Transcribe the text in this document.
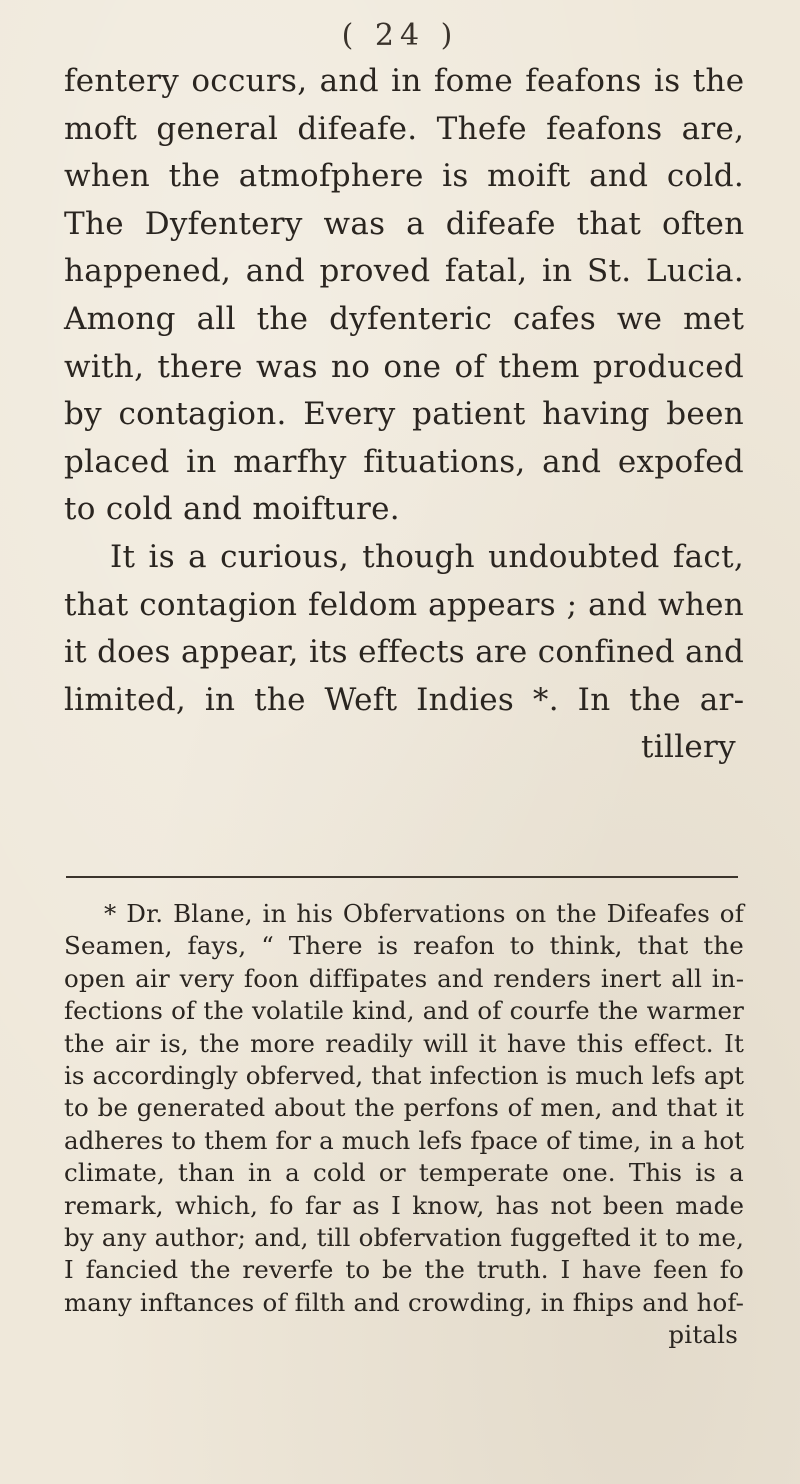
( 24 )
fentery occurs, and in fome feafons is the
moft general difeafe. Thefe feafons are,
when the atmofphere is moift and cold.
The Dyfentery was a difeafe that often
happened, and proved fatal, in St. Lucia.
Among all the dyfenteric cafes we met
with, there was no one of them produced
by contagion. Every patient having been
placed in marfhy fituations, and expofed
to cold and moifture.
It is a curious, though undoubted fact,
that contagion feldom appears ; and when
it does appear, its effects are confined and
limited, in the Weft Indies *. In the ar-
tillery
* Dr. Blane, in his Obfervations on the Difeafes of
Seamen, fays, “ There is reafon to think, that the
open air very foon diffipates and renders inert all in-
fections of the volatile kind, and of courfe the warmer
the air is, the more readily will it have this effect. It
is accordingly obferved, that infection is much lefs apt
to be generated about the perfons of men, and that it
adheres to them for a much lefs fpace of time, in a hot
climate, than in a cold or temperate one. This is a
remark, which, fo far as I know, has not been made
by any author; and, till obfervation fuggefted it to me,
I fancied the reverfe to be the truth. I have feen fo
many inftances of filth and crowding, in fhips and hof-
pitals
